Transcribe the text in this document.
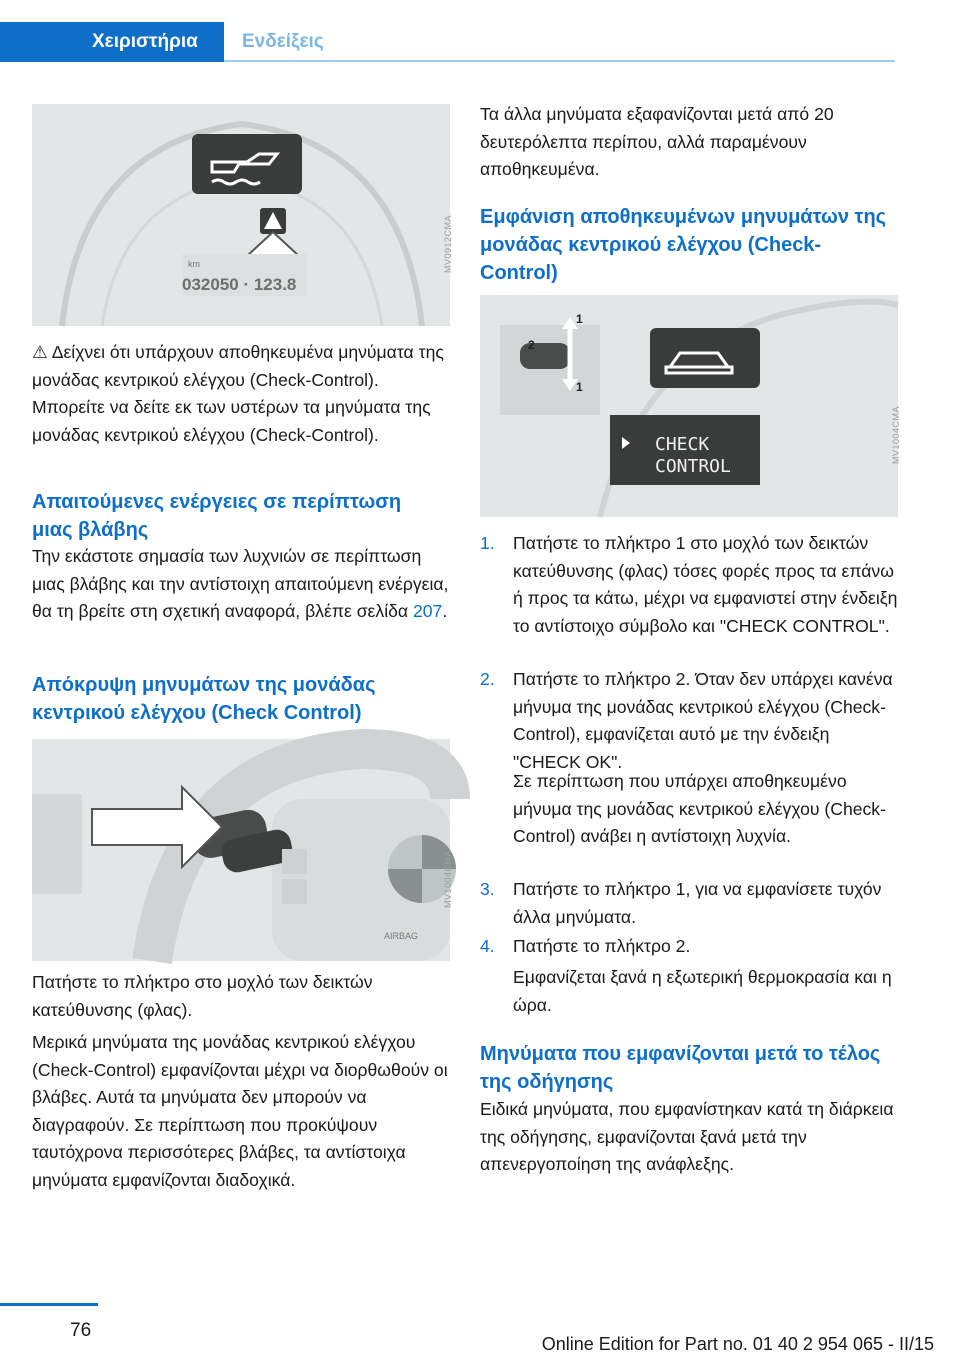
Χειριστήρια	Ενδείξεις
km
032050 · 123.8
MV0912CMA

⚠ Δείχνει ότι υπάρχουν αποθηκευμένα μηνύματα της μονάδας κεντρικού ελέγχου (Check-Control). Μπορείτε να δείτε εκ των υστέρων τα μηνύματα της μονάδας κεντρικού ελέγχου (Check-Control).

Απαιτούμενες ενέργειες σε περίπτωση μιας βλάβης

Την εκάστοτε σημασία των λυχνιών σε περίπτωση μιας βλάβης και την αντίστοιχη απαιτούμενη ενέργεια, θα τη βρείτε στη σχετική αναφορά, βλέπε σελίδα 207.

Απόκρυψη μηνυμάτων της μονάδας κεντρικού ελέγχου (Check Control)
AIRBAG
MV1004CMA

Πατήστε το πλήκτρο στο μοχλό των δεικτών κατεύθυνσης (φλας).

Μερικά μηνύματα της μονάδας κεντρικού ελέγχου (Check-Control) εμφανίζονται μέχρι να διορθωθούν οι βλάβες. Αυτά τα μηνύματα δεν μπορούν να διαγραφούν. Σε περίπτωση που προκύψουν ταυτόχρονα περισσότερες βλάβες, τα αντίστοιχα μηνύματα εμφανίζονται διαδοχικά.

Τα άλλα μηνύματα εξαφανίζονται μετά από 20 δευτερόλεπτα περίπου, αλλά παραμένουν αποθηκευμένα.

Εμφάνιση αποθηκευμένων μηνυμάτων της μονάδας κεντρικού ελέγχου (Check-Control)
1
2
1
CHECK
CONTROL
MV1004CMA
1. Πατήστε το πλήκτρο 1 στο μοχλό των δεικτών κατεύθυνσης (φλας) τόσες φορές προς τα επάνω ή προς τα κάτω, μέχρι να εμφανιστεί στην ένδειξη το αντίστοιχο σύμβολο και "CHECK CONTROL".

2. Πατήστε το πλήκτρο 2. Όταν δεν υπάρχει κανένα μήνυμα της μονάδας κεντρικού ελέγχου (Check-Control), εμφανίζεται αυτό με την ένδειξη "CHECK OK".

Σε περίπτωση που υπάρχει αποθηκευμένο μήνυμα της μονάδας κεντρικού ελέγχου (Check-Control) ανάβει η αντίστοιχη λυχνία.

3. Πατήστε το πλήκτρο 1, για να εμφανίσετε τυχόν άλλα μηνύματα.

4. Πατήστε το πλήκτρο 2.

Εμφανίζεται ξανά η εξωτερική θερμοκρασία και η ώρα.

Μηνύματα που εμφανίζονται μετά το τέλος της οδήγησης

Ειδικά μηνύματα, που εμφανίστηκαν κατά τη διάρκεια της οδήγησης, εμφανίζονται ξανά μετά την απενεργοποίηση της ανάφλεξης.

76
Online Edition for Part no. 01 40 2 954 065 - II/15
